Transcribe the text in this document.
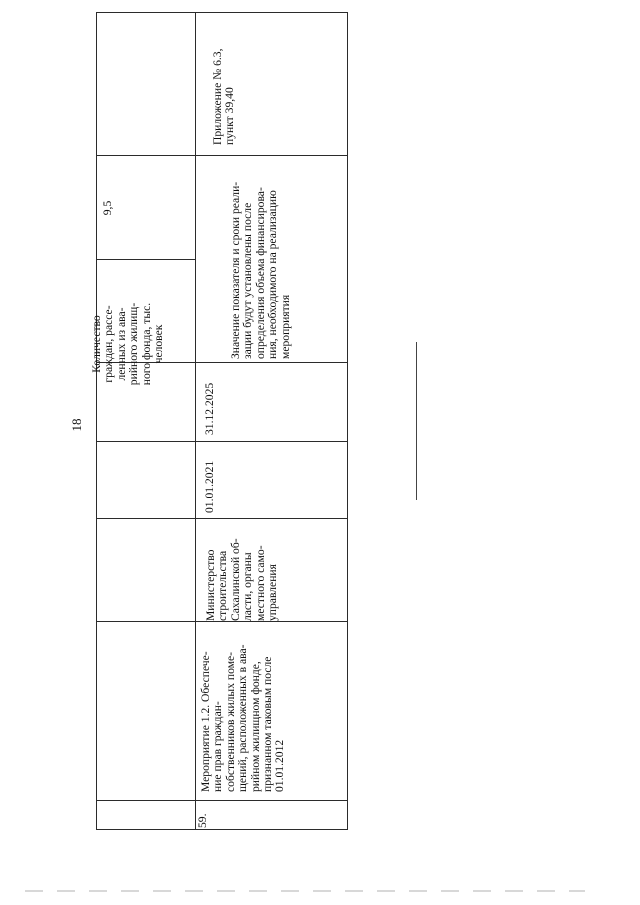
18
Количество
граждан, рассе-
ленных из ава-
рийного жилищ-
ного фонда, тыс.
человек
9,5
59.
Мероприятие 1.2. Обеспече-
ние прав граждан-
собственников жилых поме-
щений, расположенных в ава-
рийном жилищном фонде,
признанном таковым после
01.01.2012
Министерство
строительства
Сахалинской об-
ласти, органы
местного само-
управления
01.01.2021
31.12.2025
Значение показателя и сроки реали-
зации будут установлены после
определения объема финансирова-
ния, необходимого на реализацию
мероприятия
Приложение № 6.3,
пункт 39,40
